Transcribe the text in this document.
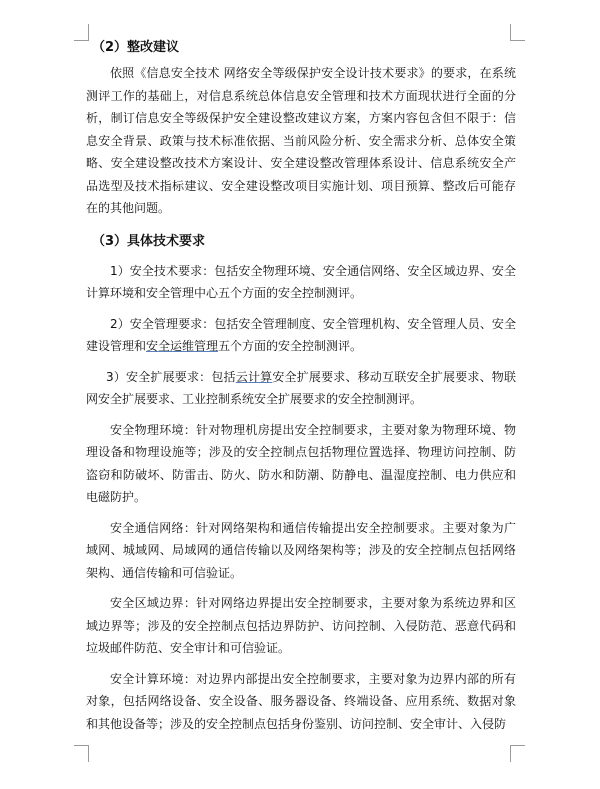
（2）整改建议

依照《信息安全技术 网络安全等级保护安全设计技术要求》的要求，在系统测评工作的基础上，对信息系统总体信息安全管理和技术方面现状进行全面的分析，制订信息安全等级保护安全建设整改建议方案，方案内容包含但不限于：信息安全背景、政策与技术标准依据、当前风险分析、安全需求分析、总体安全策略、安全建设整改技术方案设计、安全建设整改管理体系设计、信息系统安全产品选型及技术指标建议、安全建设整改项目实施计划、项目预算、整改后可能存在的其他问题。

（3）具体技术要求

1）安全技术要求：包括安全物理环境、安全通信网络、安全区域边界、安全计算环境和安全管理中心五个方面的安全控制测评。

2）安全管理要求：包括安全管理制度、安全管理机构、安全管理人员、安全建设管理和安全运维管理五个方面的安全控制测评。

3）安全扩展要求：包括云计算安全扩展要求、移动互联安全扩展要求、物联网安全扩展要求、工业控制系统安全扩展要求的安全控制测评。

安全物理环境：针对物理机房提出安全控制要求，主要对象为物理环境、物理设备和物理设施等；涉及的安全控制点包括物理位置选择、物理访问控制、防盗窃和防破坏、防雷击、防火、防水和防潮、防静电、温湿度控制、电力供应和电磁防护。

安全通信网络：针对网络架构和通信传输提出安全控制要求。主要对象为广域网、城域网、局域网的通信传输以及网络架构等；涉及的安全控制点包括网络架构、通信传输和可信验证。

安全区域边界：针对网络边界提出安全控制要求，主要对象为系统边界和区域边界等；涉及的安全控制点包括边界防护、访问控制、入侵防范、恶意代码和垃圾邮件防范、安全审计和可信验证。

安全计算环境：对边界内部提出安全控制要求，主要对象为边界内部的所有对象，包括网络设备、安全设备、服务器设备、终端设备、应用系统、数据对象和其他设备等；涉及的安全控制点包括身份鉴别、访问控制、安全审计、入侵防
